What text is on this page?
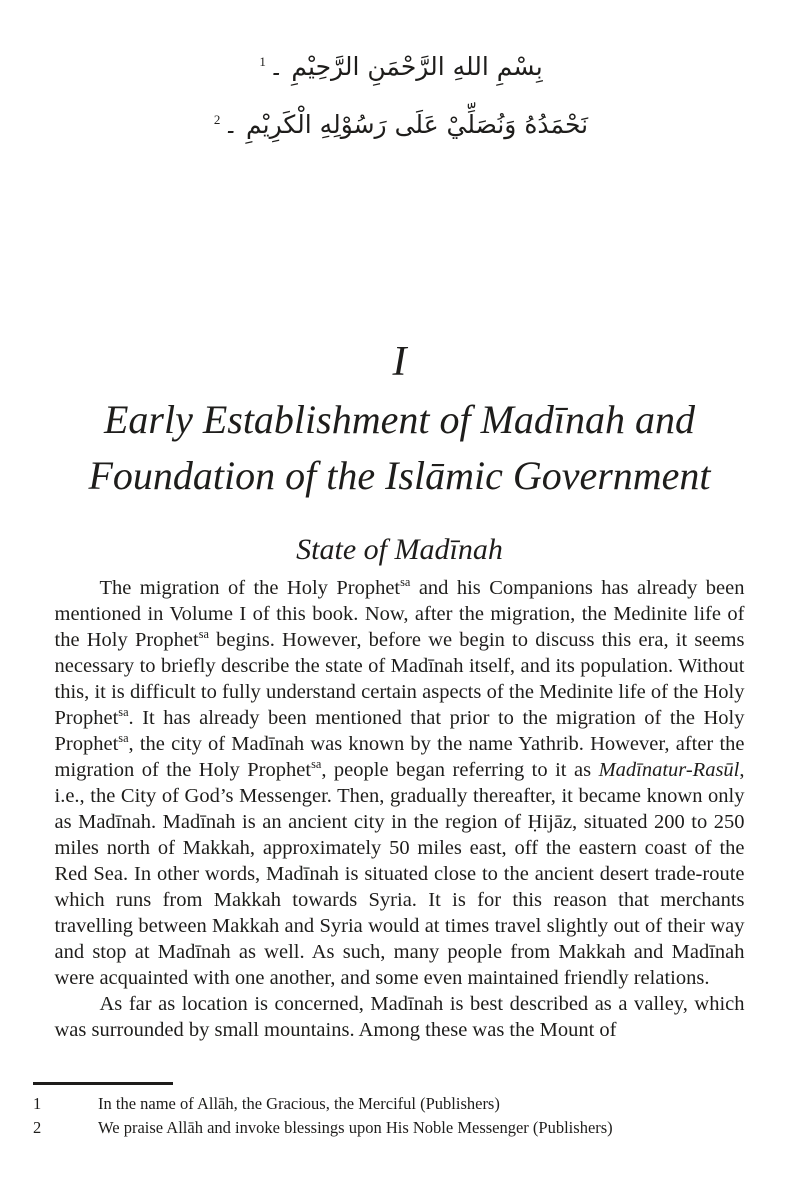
بِسْمِ اللهِ الرَّحْمَنِ الرَّحِيْمِ ۔$^1$
نَحْمَدُهُ وَنُصَلِّيْ عَلَى رَسُوْلِهِ الْكَرِيْمِ ۔$^2$
I
Early Establishment of Madīnah and
Foundation of the Islāmic Government
State of Madīnah

The migration of the Holy Prophet$^{sa}$ and his Companions has already been mentioned in Volume I of this book. Now, after the migration, the Medinite life of the Holy Prophet$^{sa}$ begins. However, before we begin to discuss this era, it seems necessary to briefly describe the state of Madīnah itself, and its population. Without this, it is difficult to fully understand certain aspects of the Medinite life of the Holy Prophet$^{sa}$. It has already been mentioned that prior to the migration of the Holy Prophet$^{sa}$, the city of Madīnah was known by the name Yathrib. However, after the migration of the Holy Prophet$^{sa}$, people began referring to it as Madīnatur-Rasūl, i.e., the City of God’s Messenger. Then, gradually thereafter, it became known only as Madīnah. Madīnah is an ancient city in the region of Ḥijāz, situated 200 to 250 miles north of Makkah, approximately 50 miles east, off the eastern coast of the Red Sea. In other words, Madīnah is situated close to the ancient desert trade-route which runs from Makkah towards Syria. It is for this reason that merchants travelling between Makkah and Syria would at times travel slightly out of their way and stop at Madīnah as well. As such, many people from Makkah and Madīnah were acquainted with one another, and some even maintained friendly relations.

As far as location is concerned, Madīnah is best described as a valley, which was surrounded by small mountains. Among these was the Mount of

1	In the name of Allāh, the Gracious, the Merciful (Publishers)
2	We praise Allāh and invoke blessings upon His Noble Messenger (Publishers)
